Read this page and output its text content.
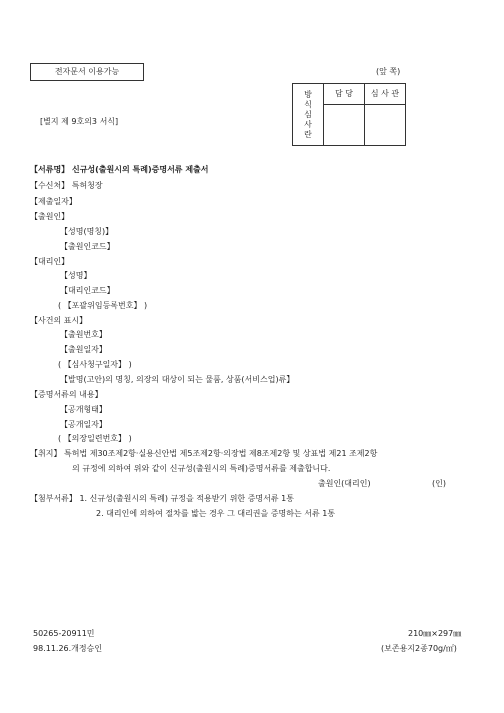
전자문서 이용가능	(앞 쪽)
[별지 제 9호의3 서식]
방
식
심
사
란	담 당	심 사 관

【서류명】 신규성(출원시의 특례)증명서류 제출서
【수신처】 특허청장
【제출일자】
【출원인】
【성명(명칭)】
【출원인코드】
【대리인】
【성명】
【대리인코드】
( 【포괄위임등록번호】 )
【사건의 표시】
【출원번호】
【출원일자】
( 【심사청구일자】 )
【발명(고안)의 명칭, 의장의 대상이 되는 물품, 상품(서비스업)류】
【증명서류의 내용】
【공개형태】
【공개일자】
( 【의장일련번호】 )
【취지】 특허법 제30조제2항·실용신안법 제5조제2항·의장법 제8조제2항 및 상표법 제21 조제2항
의 규정에 의하여 위와 같이 신규성(출원시의 특례)증명서류를 제출합니다.
출원인(대리인)	(인)
【첨부서류】 1. 신규성(출원시의 특례) 규정을 적용받기 위한 증명서류 1통
2. 대리인에 의하여 절차를 밟는 경우 그 대리권을 증명하는 서류 1통
50265-20911민
98.11.26.개정승인
210㎜×297㎜
(보존용지2종70g/㎡)
